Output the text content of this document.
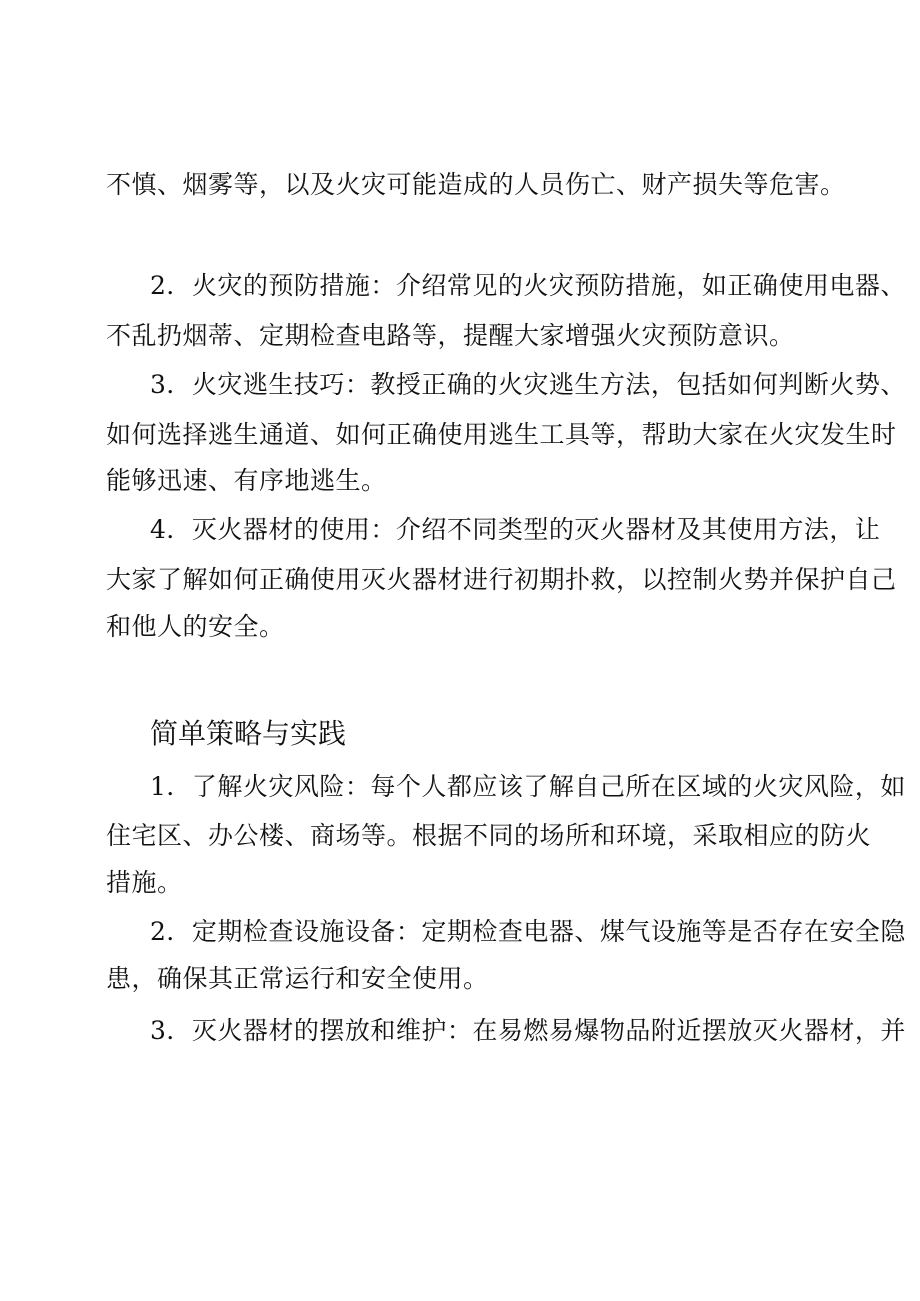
不慎、烟雾等，以及火灾可能造成的人员伤亡、财产损失等危害。
2．火灾的预防措施：介绍常见的火灾预防措施，如正确使用电器、
不乱扔烟蒂、定期检查电路等，提醒大家增强火灾预防意识。
3．火灾逃生技巧：教授正确的火灾逃生方法，包括如何判断火势、
如何选择逃生通道、如何正确使用逃生工具等，帮助大家在火灾发生时
能够迅速、有序地逃生。
4．灭火器材的使用：介绍不同类型的灭火器材及其使用方法，让
大家了解如何正确使用灭火器材进行初期扑救，以控制火势并保护自己
和他人的安全。
简单策略与实践
1．了解火灾风险：每个人都应该了解自己所在区域的火灾风险，如
住宅区、办公楼、商场等。根据不同的场所和环境，采取相应的防火
措施。
2．定期检查设施设备：定期检查电器、煤气设施等是否存在安全隐
患，确保其正常运行和安全使用。
3．灭火器材的摆放和维护：在易燃易爆物品附近摆放灭火器材，并
